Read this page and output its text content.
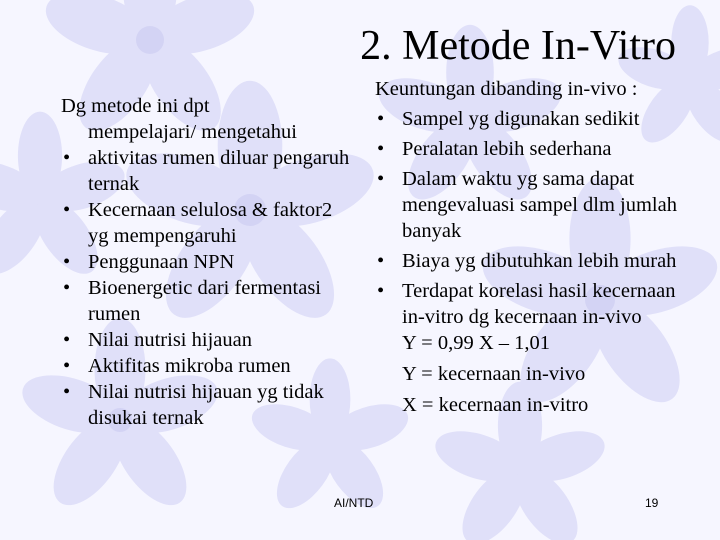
2. Metode In-Vitro

Dg metode ini dpt
mempelajari/ mengetahui

• aktivitas rumen diluar pengaruh ternak
• Kecernaan selulosa & faktor2 yg mempengaruhi
• Penggunaan NPN
• Bioenergetic dari fermentasi rumen
• Nilai nutrisi hijauan
• Aktifitas mikroba rumen
• Nilai nutrisi hijauan yg tidak disukai ternak
Keuntungan dibanding in-vivo :
• Sampel yg digunakan sedikit
• Peralatan lebih sederhana
• Dalam waktu yg sama dapat mengevaluasi sampel dlm jumlah banyak
• Biaya yg dibutuhkan lebih murah
• Terdapat korelasi hasil kecernaan in-vitro dg kecernaan in-vivo
Y = 0,99 X – 1,01
Y = kecernaan in-vivo
X = kecernaan in-vitro
AI/NTD	19
